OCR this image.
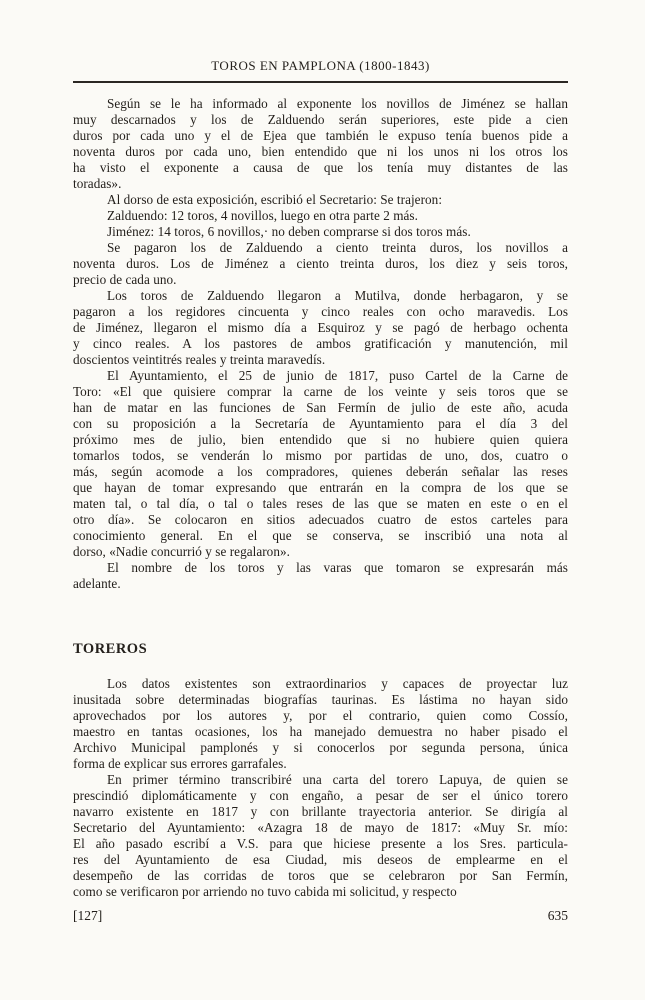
TOROS EN PAMPLONA (1800-1843)

Según se le ha informado al exponente los novillos de Jiménez se hallan
muy descarnados y los de Zalduendo serán superiores, este pide a cien
duros por cada uno y el de Ejea que también le expuso tenía buenos pide a
noventa duros por cada uno, bien entendido que ni los unos ni los otros los
ha visto el exponente a causa de que los tenía muy distantes de las
toradas».

Al dorso de esta exposición, escribió el Secretario: Se trajeron:

Zalduendo: 12 toros, 4 novillos, luego en otra parte 2 más.

Jiménez: 14 toros, 6 novillos,· no deben comprarse si dos toros más.

Se pagaron los de Zalduendo a ciento treinta duros, los novillos a
noventa duros. Los de Jiménez a ciento treinta duros, los diez y seis toros,
precio de cada uno.

Los toros de Zalduendo llegaron a Mutilva, donde herbagaron, y se
pagaron a los regidores cincuenta y cinco reales con ocho maravedis. Los
de Jiménez, llegaron el mismo día a Esquiroz y se pagó de herbago ochenta
y cinco reales. A los pastores de ambos gratificación y manutención, mil
doscientos veintitrés reales y treinta maravedís.

El Ayuntamiento, el 25 de junio de 1817, puso Cartel de la Carne de
Toro: «El que quisiere comprar la carne de los veinte y seis toros que se
han de matar en las funciones de San Fermín de julio de este año, acuda
con su proposición a la Secretaría de Ayuntamiento para el día 3 del
próximo mes de julio, bien entendido que si no hubiere quien quiera
tomarlos todos, se venderán lo mismo por partidas de uno, dos, cuatro o
más, según acomode a los compradores, quienes deberán señalar las reses
que hayan de tomar expresando que entrarán en la compra de los que se
maten tal, o tal día, o tal o tales reses de las que se maten en este o en el
otro día». Se colocaron en sitios adecuados cuatro de estos carteles para
conocimiento general. En el que se conserva, se inscribió una nota al
dorso, «Nadie concurrió y se regalaron».

El nombre de los toros y las varas que tomaron se expresarán más
adelante.

TOREROS

Los datos existentes son extraordinarios y capaces de proyectar luz
inusitada sobre determinadas biografías taurinas. Es lástima no hayan sido
aprovechados por los autores y, por el contrario, quien como Cossío,
maestro en tantas ocasiones, los ha manejado demuestra no haber pisado el
Archivo Municipal pamplonés y si conocerlos por segunda persona, única
forma de explicar sus errores garrafales.

En primer término transcribiré una carta del torero Lapuya, de quien se
prescindió diplomáticamente y con engaño, a pesar de ser el único torero
navarro existente en 1817 y con brillante trayectoria anterior. Se dirigía al
Secretario del Ayuntamiento: «Azagra 18 de mayo de 1817: «Muy Sr. mío:
El año pasado escribí a V.S. para que hiciese presente a los Sres. particula-
res del Ayuntamiento de esa Ciudad, mis deseos de emplearme en el
desempeño de las corridas de toros que se celebraron por San Fermín,
como se verificaron por arriendo no tuvo cabida mi solicitud, y respecto

[127]	635
